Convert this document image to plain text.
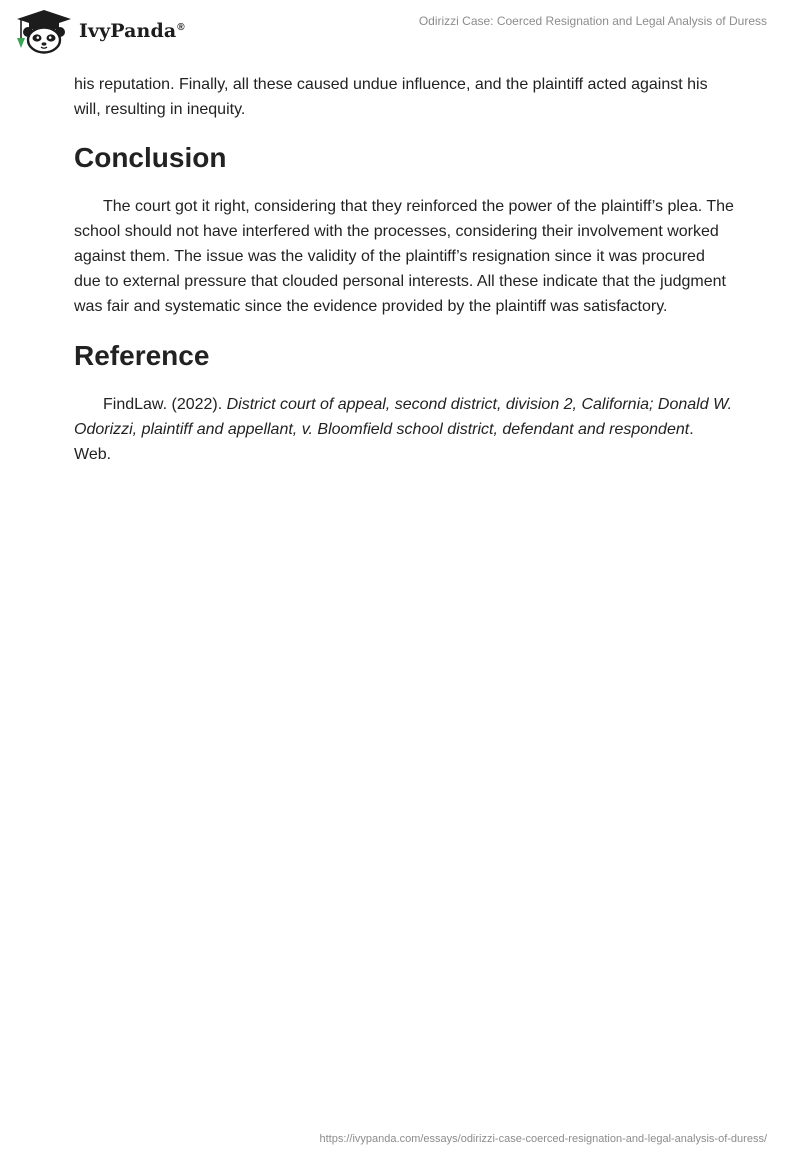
IvyPanda®	Odirizzi Case: Coerced Resignation and Legal Analysis of Duress

his reputation. Finally, all these caused undue influence, and the plaintiff acted against his will, resulting in inequity.

Conclusion

The court got it right, considering that they reinforced the power of the plaintiff’s plea. The school should not have interfered with the processes, considering their involvement worked against them. The issue was the validity of the plaintiff’s resignation since it was procured due to external pressure that clouded personal interests. All these indicate that the judgment was fair and systematic since the evidence provided by the plaintiff was satisfactory.

Reference

FindLaw. (2022). District court of appeal, second district, division 2, California; Donald W. Odorizzi, plaintiff and appellant, v. Bloomfield school district, defendant and respondent. Web.

https://ivypanda.com/essays/odirizzi-case-coerced-resignation-and-legal-analysis-of-duress/
